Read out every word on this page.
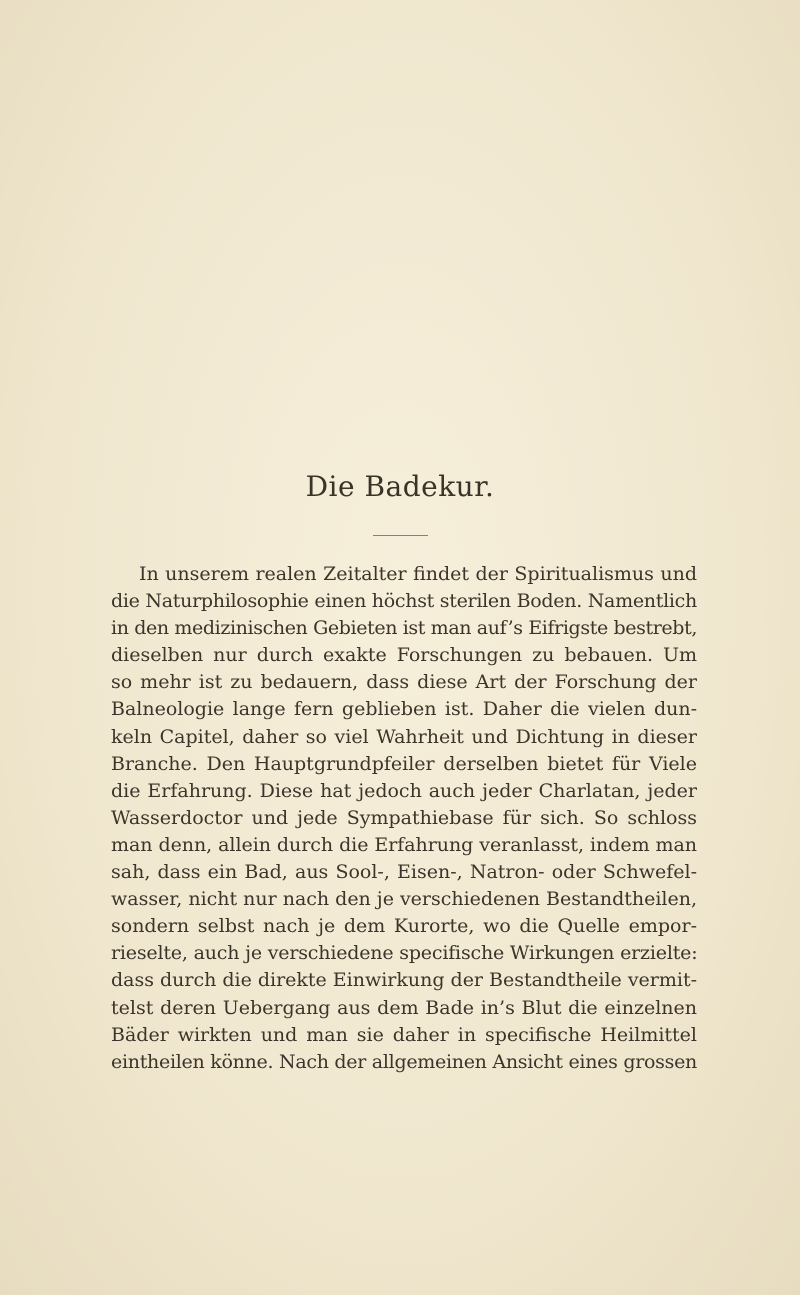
Die Badekur.
In unserem realen Zeitalter findet der Spiritualismus und
die Naturphilosophie einen höchst sterilen Boden. Namentlich
in den medizinischen Gebieten ist man auf’s Eifrigste bestrebt,
dieselben nur durch exakte Forschungen zu bebauen. Um
so mehr ist zu bedauern, dass diese Art der Forschung der
Balneologie lange fern geblieben ist. Daher die vielen dun-
keln Capitel, daher so viel Wahrheit und Dichtung in dieser
Branche. Den Hauptgrundpfeiler derselben bietet für Viele
die Erfahrung. Diese hat jedoch auch jeder Charlatan, jeder
Wasserdoctor und jede Sympathiebase für sich. So schloss
man denn, allein durch die Erfahrung veranlasst, indem man
sah, dass ein Bad, aus Sool-, Eisen-, Natron- oder Schwefel-
wasser, nicht nur nach den je verschiedenen Bestandtheilen,
sondern selbst nach je dem Kurorte, wo die Quelle empor-
rieselte, auch je verschiedene specifische Wirkungen erzielte:
dass durch die direkte Einwirkung der Bestandtheile vermit-
telst deren Uebergang aus dem Bade in’s Blut die einzelnen
Bäder wirkten und man sie daher in specifische Heilmittel
eintheilen könne. Nach der allgemeinen Ansicht eines grossen
